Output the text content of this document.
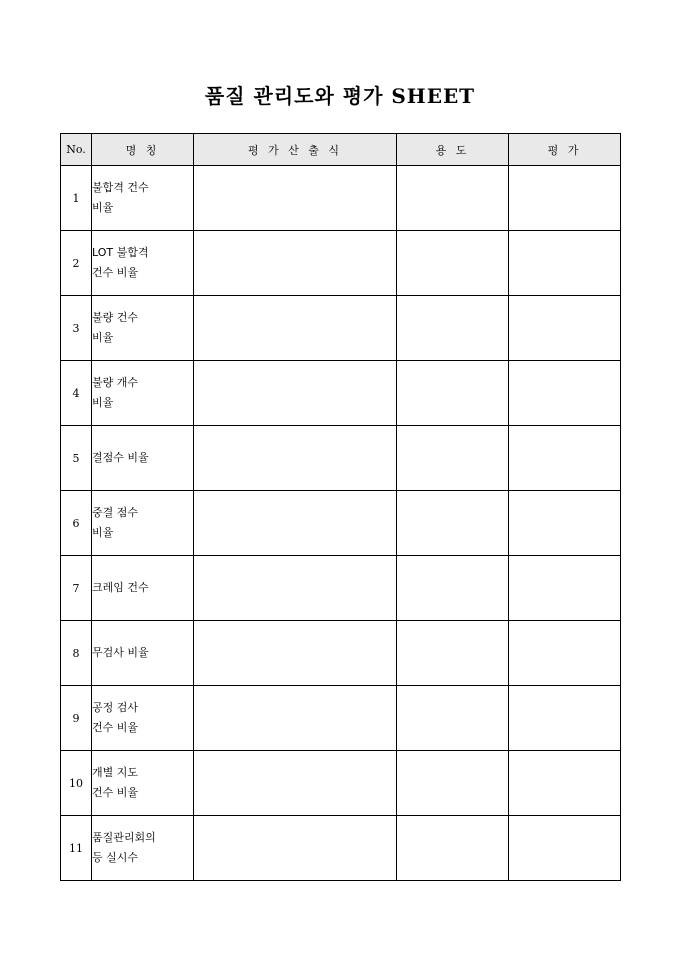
품질 관리도와 평가 SHEET
No.	명 칭	평 가 산 출 식	용 도	평 가
1	불합격 건수
비율			

2	LOT 불합격
건수 비율			

3	불량 건수
비율			

4	불량 개수
비율			

5	결점수 비율			

6	중결 점수
비율			

7	크레임 건수			

8	무검사 비율			

9	공정 검사
건수 비율			

10	개별 지도
건수 비율			

11	품질관리회의
등 실시수			
